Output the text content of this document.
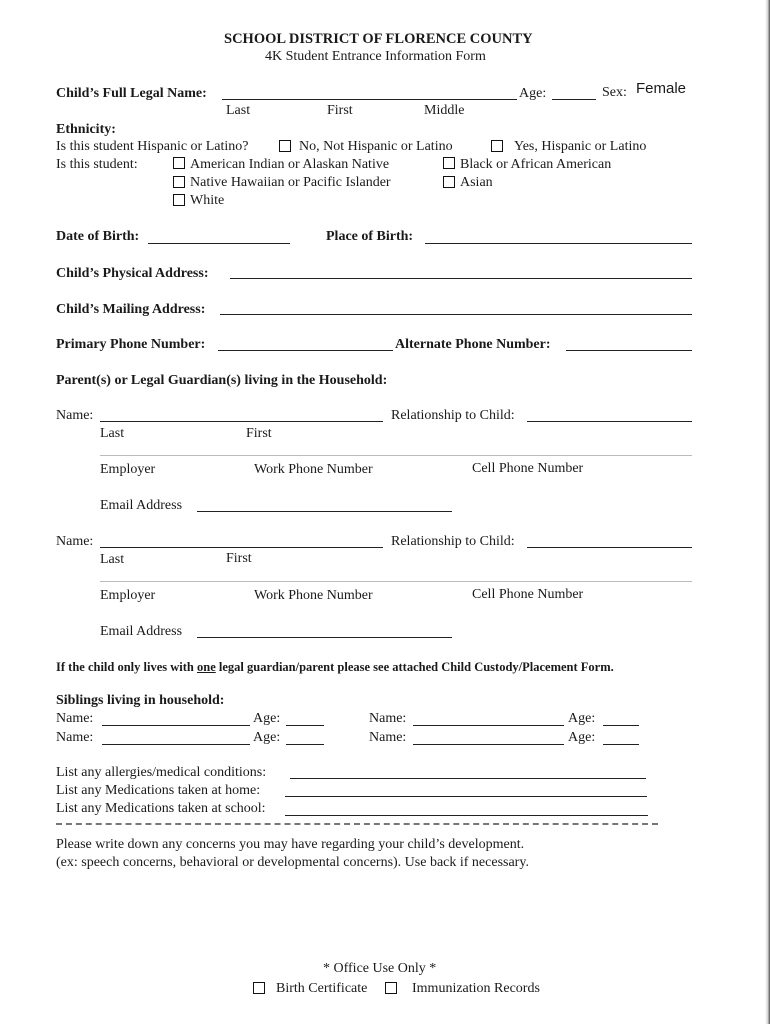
SCHOOL DISTRICT OF FLORENCE COUNTY
4K Student Entrance Information Form
Child’s Full Legal Name:	Age:	Sex: Female
Last	First	Middle
Ethnicity:
Is this student Hispanic or Latino?	No, Not Hispanic or Latino	Yes, Hispanic or Latino
Is this student:	American Indian or Alaskan Native	Black or African American
Native Hawaiian or Pacific Islander	Asian
White
Date of Birth:	Place of Birth:
Child’s Physical Address:
Child’s Mailing Address:
Primary Phone Number:	Alternate Phone Number:
Parent(s) or Legal Guardian(s) living in the Household:
Name:	Relationship to Child:
Last	First
Employer	Work Phone Number	Cell Phone Number
Email Address
Name:	Relationship to Child:
Last	First
Employer	Work Phone Number	Cell Phone Number
Email Address
If the child only lives with one legal guardian/parent please see attached Child Custody/Placement Form.
Siblings living in household:
Name:	Age:	Name:	Age:
Name:	Age:	Name:	Age:
List any allergies/medical conditions:
List any Medications taken at home:
List any Medications taken at school:
Please write down any concerns you may have regarding your child’s development.
(ex: speech concerns, behavioral or developmental concerns). Use back if necessary.
* Office Use Only *
Birth Certificate	Immunization Records
